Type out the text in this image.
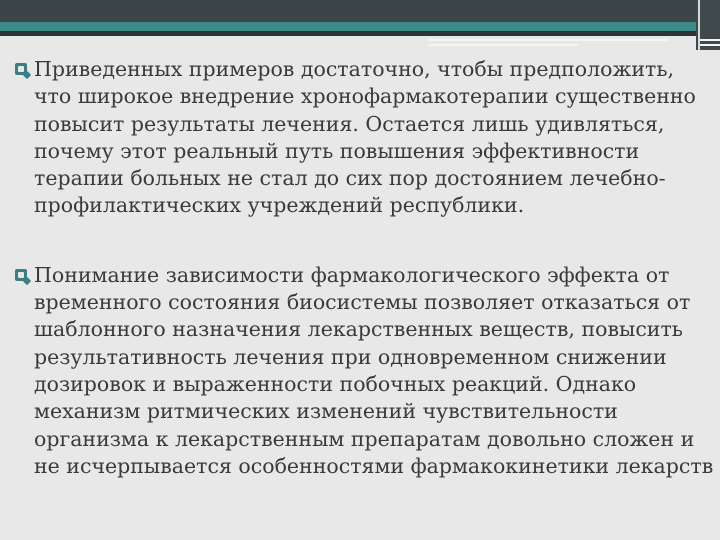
Приведенных примеров достаточно, чтобы предположить, что широкое внедрение хронофармакотерапии существенно повысит результаты лечения. Остается лишь удивляться, почему этот реальный путь повышения эффективности терапии больных не стал до сих пор достоянием лечебно-профилактических учреждений республики.
Понимание зависимости фармакологического эффекта от временного состояния биосистемы позволяет отказаться от шаблонного назначения лекарственных веществ, повысить результативность лечения при одновременном снижении дозировок и выраженности побочных реакций. Однако механизм ритмических изменений чувствительности организма к лекарственным препаратам довольно сложен и не исчерпывается особенностями фармакокинетики лекарств
